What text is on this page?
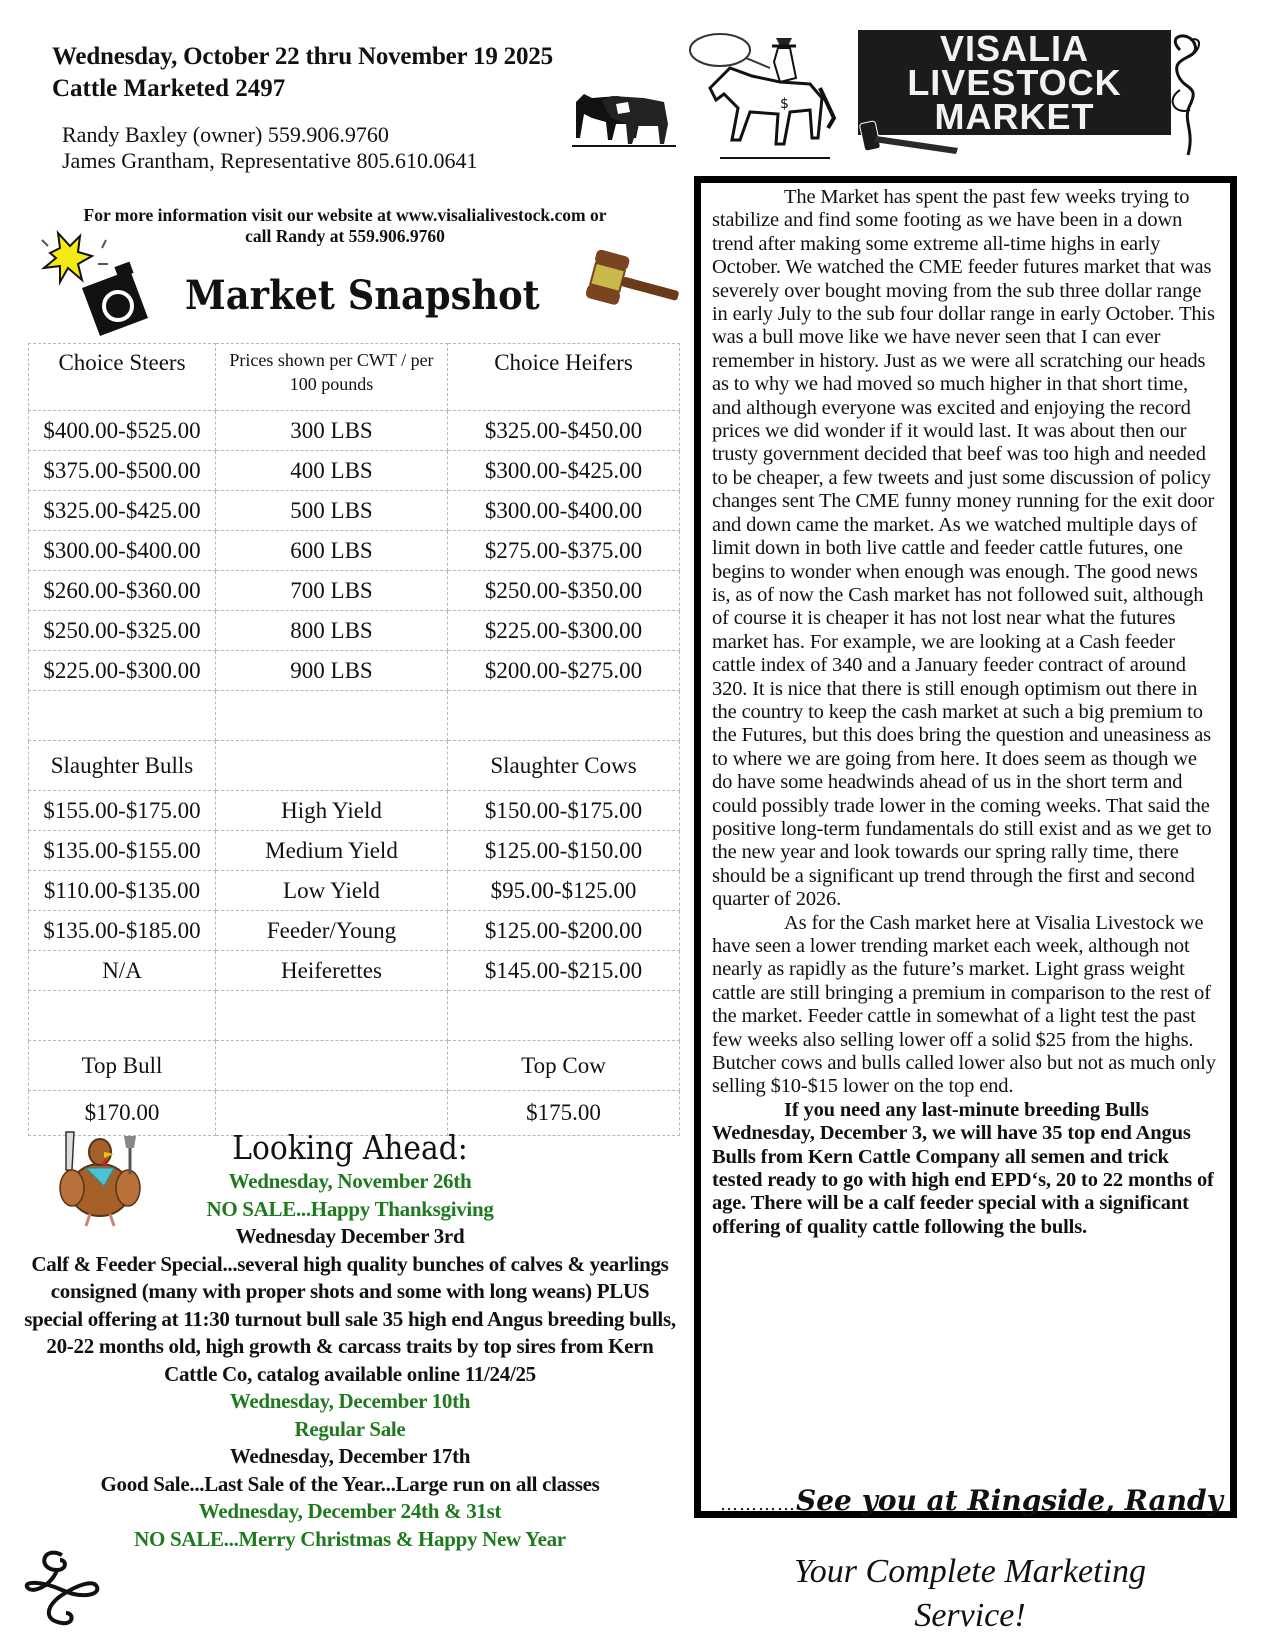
Wednesday, October 22 thru November 19 2025
Cattle Marketed 2497
Randy Baxley (owner) 559.906.9760
James Grantham, Representative 805.610.0641
For more information visit our website at www.visalialivestock.com or
call Randy at 559.906.9760
$
VISALIA
LIVESTOCK
MARKET
Market Snapshot
Choice Steers	Prices shown per CWT / per 100 pounds	Choice Heifers
$400.00-$525.00	300 LBS	$325.00-$450.00
$375.00-$500.00	400 LBS	$300.00-$425.00
$325.00-$425.00	500 LBS	$300.00-$400.00
$300.00-$400.00	600 LBS	$275.00-$375.00
$260.00-$360.00	700 LBS	$250.00-$350.00
$250.00-$325.00	800 LBS	$225.00-$300.00
$225.00-$300.00	900 LBS	$200.00-$275.00

Slaughter Bulls		Slaughter Cows
$155.00-$175.00	High Yield	$150.00-$175.00
$135.00-$155.00	Medium Yield	$125.00-$150.00
$110.00-$135.00	Low Yield	$95.00-$125.00
$135.00-$185.00	Feeder/Young	$125.00-$200.00
N/A	Heiferettes	$145.00-$215.00

Top Bull		Top Cow
$170.00		$175.00
Looking Ahead:
Wednesday, November 26th
NO SALE...Happy Thanksgiving
Wednesday December 3rd
Calf & Feeder Special...several high quality bunches of calves & yearlings consigned (many with proper shots and some with long weans) PLUS special offering at 11:30 turnout bull sale 35 high end Angus breeding bulls, 20-22 months old, high growth & carcass traits by top sires from Kern Cattle Co, catalog available online 11/24/25
Wednesday, December 10th
Regular Sale
Wednesday, December 17th
Good Sale...Last Sale of the Year...Large run on all classes
Wednesday, December 24th & 31st
NO SALE...Merry Christmas & Happy New Year

The Market has spent the past few weeks trying to stabilize and find some footing as we have been in a down trend after making some extreme all-time highs in early October. We watched the CME feeder futures market that was severely over bought moving from the sub three dollar range in early July to the sub four dollar range in early October. This was a bull move like we have never seen that I can ever remember in history. Just as we were all scratching our heads as to why we had moved so much higher in that short time, and although everyone was excited and enjoying the record prices we did wonder if it would last. It was about then our trusty government decided that beef was too high and needed to be cheaper, a few tweets and just some discussion of policy changes sent The CME funny money running for the exit door and down came the market. As we watched multiple days of limit down in both live cattle and feeder cattle futures, one begins to wonder when enough was enough. The good news is, as of now the Cash market has not followed suit, although of course it is cheaper it has not lost near what the futures market has. For example, we are looking at a Cash feeder cattle index of 340 and a January feeder contract of around 320. It is nice that there is still enough optimism out there in the country to keep the cash market at such a big premium to the Futures, but this does bring the question and uneasiness as to where we are going from here. It does seem as though we do have some headwinds ahead of us in the short term and could possibly trade lower in the coming weeks. That said the positive long-term fundamentals do still exist and as we get to the new year and look towards our spring rally time, there should be a significant up trend through the first and second quarter of 2026.

As for the Cash market here at Visalia Livestock we have seen a lower trending market each week, although not nearly as rapidly as the future’s market. Light grass weight cattle are still bringing a premium in comparison to the rest of the market. Feeder cattle in somewhat of a light test the past few weeks also selling lower off a solid $25 from the highs. Butcher cows and bulls called lower also but not as much only selling $10-$15 lower on the top end.

If you need any last-minute breeding Bulls Wednesday, December 3, we will have 35 top end Angus Bulls from Kern Cattle Company all semen and trick tested ready to go with high end EPD‘s, 20 to 22 months of age. There will be a calf feeder special with a significant offering of quality cattle following the bulls.

…………See you at Ringside, Randy
Your Complete Marketing Service!
